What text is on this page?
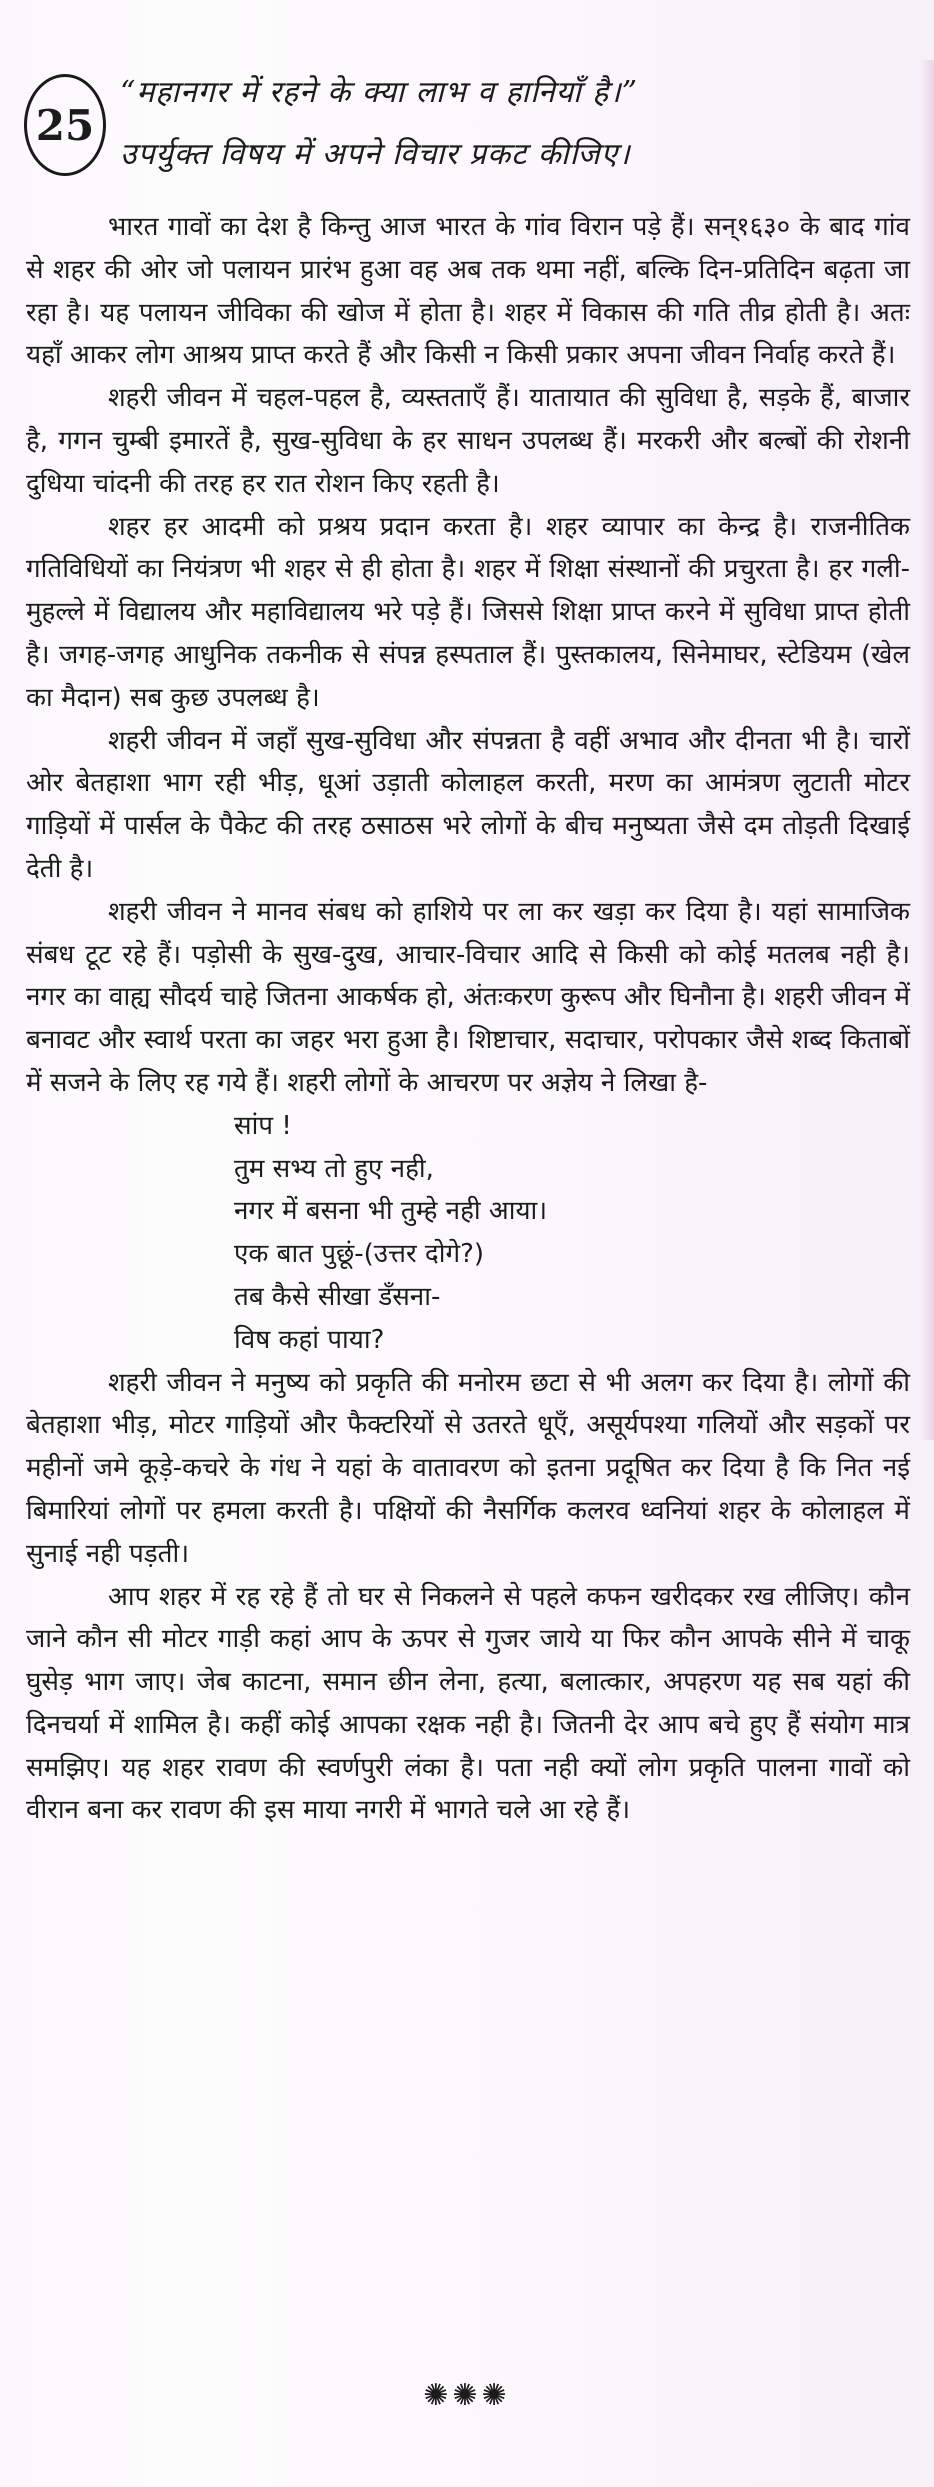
25
“महानगर में रहने के क्या लाभ व हानियाँ है।”
उपर्युक्त विषय में अपने विचार प्रकट कीजिए।

भारत गावों का देश है किन्तु आज भारत के गांव विरान पड़े हैं। सन्१६३० के बाद गांव से शहर की ओर जो पलायन प्रारंभ हुआ वह अब तक थमा नहीं, बल्कि दिन-प्रतिदिन बढ़ता जा रहा है। यह पलायन जीविका की खोज में होता है। शहर में विकास की गति तीव्र होती है। अतः यहाँ आकर लोग आश्रय प्राप्त करते हैं और किसी न किसी प्रकार अपना जीवन निर्वाह करते हैं।

शहरी जीवन में चहल-पहल है, व्यस्तताएँ हैं। यातायात की सुविधा है, सड़के हैं, बाजार है, गगन चुम्बी इमारतें है, सुख-सुविधा के हर साधन उपलब्ध हैं। मरकरी और बल्बों की रोशनी दुधिया चांदनी की तरह हर रात रोशन किए रहती है।

शहर हर आदमी को प्रश्रय प्रदान करता है। शहर व्यापार का केन्द्र है। राजनीतिक गतिविधियों का नियंत्रण भी शहर से ही होता है। शहर में शिक्षा संस्थानों की प्रचुरता है। हर गली-मुहल्ले में विद्यालय और महाविद्यालय भरे पड़े हैं। जिससे शिक्षा प्राप्त करने में सुविधा प्राप्त होती है। जगह-जगह आधुनिक तकनीक से संपन्न हस्पताल हैं। पुस्तकालय, सिनेमाघर, स्टेडियम (खेल का मैदान) सब कुछ उपलब्ध है।

शहरी जीवन में जहाँ सुख-सुविधा और संपन्नता है वहीं अभाव और दीनता भी है। चारों ओर बेतहाशा भाग रही भीड़, धूआं उड़ाती कोलाहल करती, मरण का आमंत्रण लुटाती मोटर गाड़ियों में पार्सल के पैकेट की तरह ठसाठस भरे लोगों के बीच मनुष्यता जैसे दम तोड़ती दिखाई देती है।

शहरी जीवन ने मानव संबध को हाशिये पर ला कर खड़ा कर दिया है। यहां सामाजिक संबध टूट रहे हैं। पड़ोसी के सुख-दुख, आचार-विचार आदि से किसी को कोई मतलब नही है। नगर का वाह्य सौदर्य चाहे जितना आकर्षक हो, अंतःकरण कुरूप और घिनौना है। शहरी जीवन में बनावट और स्वार्थ परता का जहर भरा हुआ है। शिष्टाचार, सदाचार, परोपकार जैसे शब्द किताबों में सजने के लिए रह गये हैं। शहरी लोगों के आचरण पर अज्ञेय ने लिखा है-

सांप !
तुम सभ्य तो हुए नही,
नगर में बसना भी तुम्हे नही आया।
एक बात पुछूं-(उत्तर दोगे?)
तब कैसे सीखा डँसना-
विष कहां पाया?

शहरी जीवन ने मनुष्य को प्रकृति की मनोरम छटा से भी अलग कर दिया है। लोगों की बेतहाशा भीड़, मोटर गाड़ियों और फैक्टरियों से उतरते धूएँ, असूर्यपश्या गलियों और सड़कों पर महीनों जमे कूड़े-कचरे के गंध ने यहां के वातावरण को इतना प्रदूषित कर दिया है कि नित नई बिमारियां लोगों पर हमला करती है। पक्षियों की नैसर्गिक कलरव ध्वनियां शहर के कोलाहल में सुनाई नही पड़ती।

आप शहर में रह रहे हैं तो घर से निकलने से पहले कफन खरीदकर रख लीजिए। कौन जाने कौन सी मोटर गाड़ी कहां आप के ऊपर से गुजर जाये या फिर कौन आपके सीने में चाकू घुसेड़ भाग जाए। जेब काटना, समान छीन लेना, हत्या, बलात्कार, अपहरण यह सब यहां की दिनचर्या में शामिल है। कहीं कोई आपका रक्षक नही है। जितनी देर आप बचे हुए हैं संयोग मात्र समझिए। यह शहर रावण की स्वर्णपुरी लंका है। पता नही क्यों लोग प्रकृति पालना गावों को वीरान बना कर रावण की इस माया नगरी में भागते चले आ रहे हैं।

✺✺✺
